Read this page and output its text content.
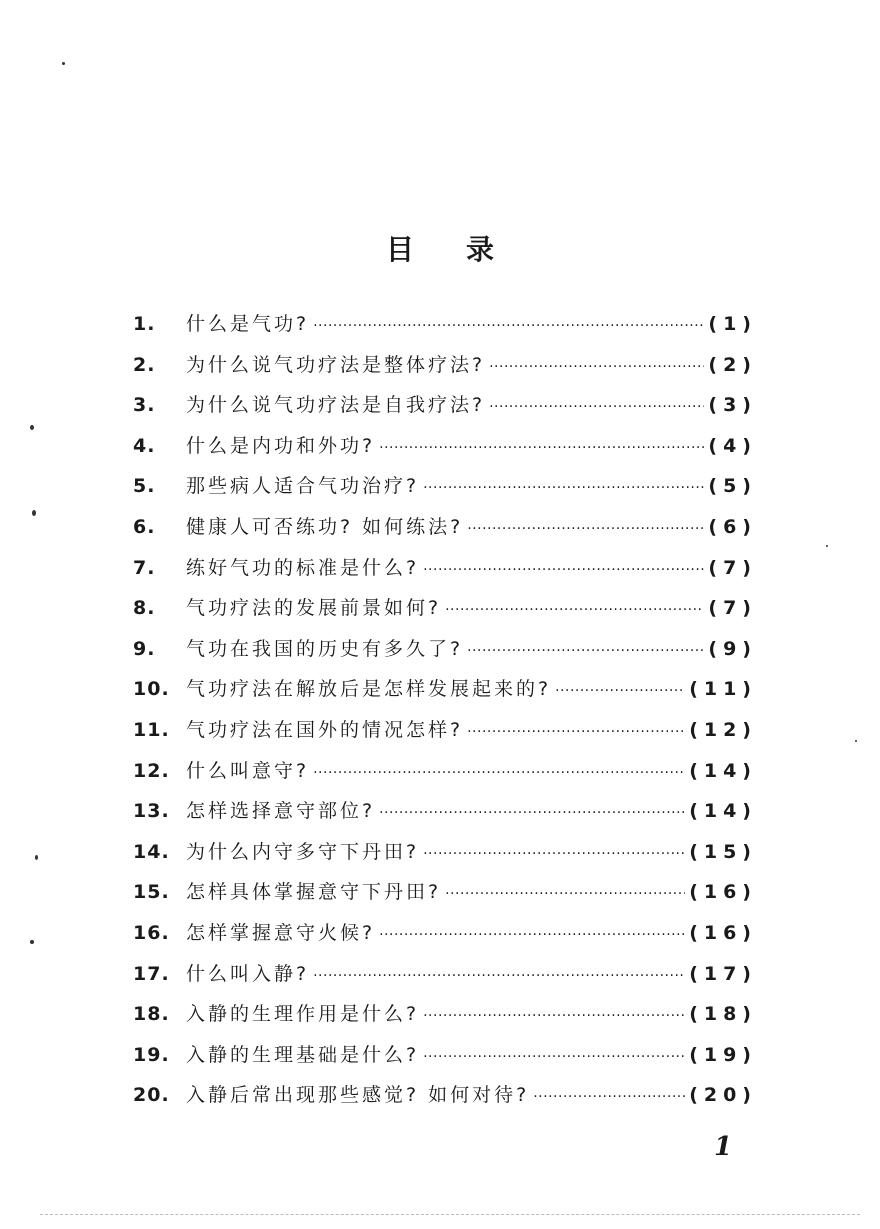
目录
1.	什么是气功? ·····	(1)
2.	为什么说气功疗法是整体疗法? ·····	(2)
3.	为什么说气功疗法是自我疗法? ·····	(3)
4.	什么是内功和外功? ·····	(4)
5.	那些病人适合气功治疗? ·····	(5)
6.	健康人可否练功? 如何练法? ·····	(6)
7.	练好气功的标准是什么? ·····	(7)
8.	气功疗法的发展前景如何? ·····	(7)
9.	气功在我国的历史有多久了? ·····	(9)
10. 气功疗法在解放后是怎样发展起来的? ·····	(11)
11. 气功疗法在国外的情况怎样? ·····	(12)
12. 什么叫意守? ·····	(14)
13. 怎样选择意守部位? ·····	(14)
14. 为什么内守多守下丹田? ·····	(15)
15. 怎样具体掌握意守下丹田? ·····	(16)
16. 怎样掌握意守火候? ·····	(16)
17. 什么叫入静? ·····	(17)
18. 入静的生理作用是什么? ·····	(18)
19. 入静的生理基础是什么? ·····	(19)
20. 入静后常出现那些感觉? 如何对待? ·····	(20)
1
